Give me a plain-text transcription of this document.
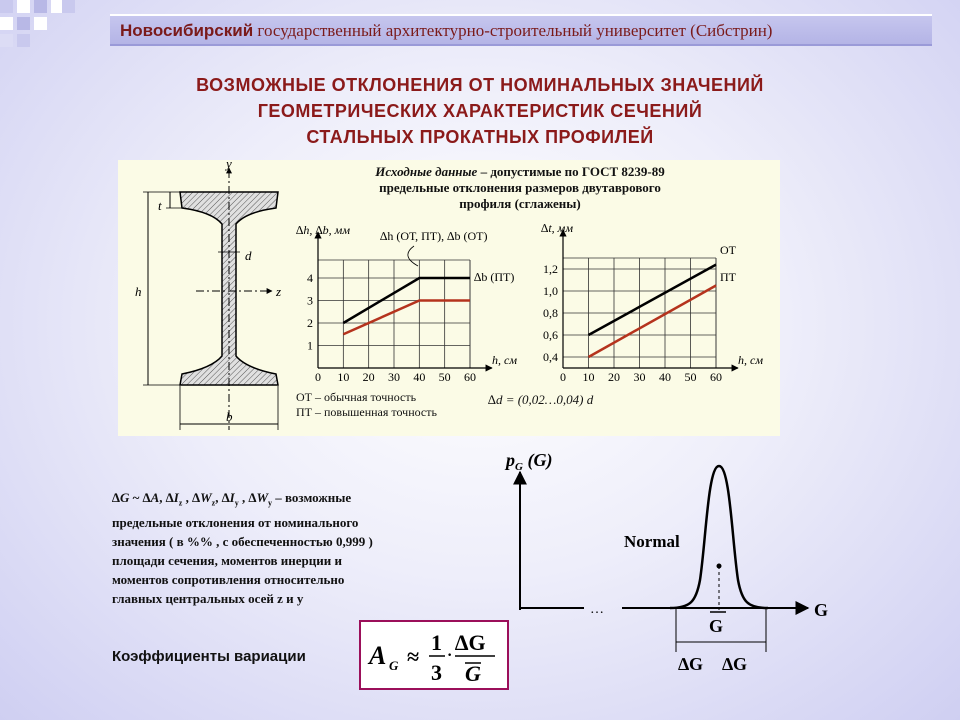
Новосибирский государственный архитектурно-строительный университет (Сибстрин)
ВОЗМОЖНЫЕ ОТКЛОНЕНИЯ ОТ НОМИНАЛЬНЫХ ЗНАЧЕНИЙ
ГЕОМЕТРИЧЕСКИХ ХАРАКТЕРИСТИК СЕЧЕНИЙ
СТАЛЬНЫХ ПРОКАТНЫХ ПРОФИЛЕЙ
Исходные данные – допустимые по ГОСТ 8239-89
предельные отклонения размеров двутаврового
профиля (сглажены)
y
z
t
d
h
b
0 10 20 30 40 50 60
1
2
3
4
∆h, ∆b, мм
h, см
∆h (ОТ, ПТ), ∆b (ОТ)
∆b (ПТ)
0 10 20 30 40 50 60
0,4
0,6
0,8
1,0
1,2
∆t, мм
h, см
ОТ
ПТ
ОТ – обычная точность
ПТ – повышенная точность
∆d = (0,02…0,04) d
∆G ~ ∆A, $\Delta I_z$ , $\Delta W_z$, $\Delta I_y$ , $\Delta W_y$ – возможные
предельные отклонения от номинального
значения ( в %% , с обеспеченностью 0,999 )
площади сечения, моментов инерции и
моментов сопротивления относительно
главных центральных осей z и y
$p_G$ (G)
G
Normal
…
G
∆G ∆G
Коэффициенты вариации A G ≈
1
3
·
∆G
G
